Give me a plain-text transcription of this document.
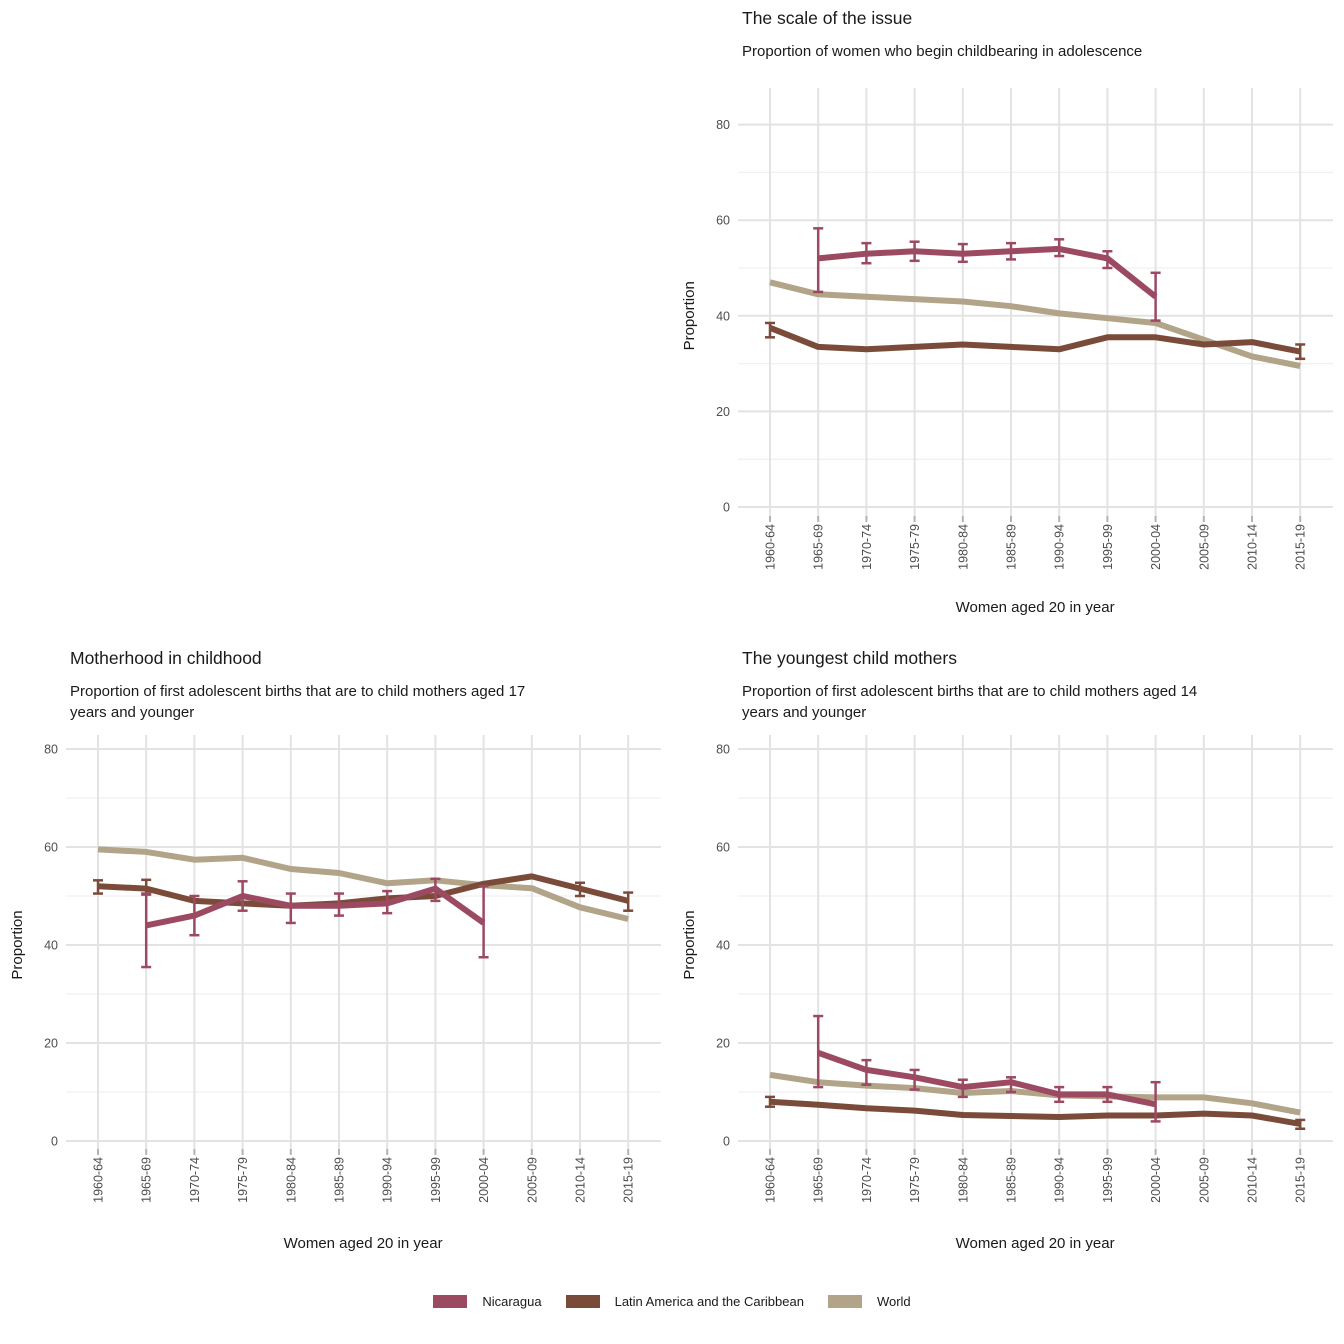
The scale of the issue

Proportion of women who begin childbearing in adolescence

1960-64	1965-69	1970-74	1975-79	1980-84	1985-89	1990-94	1995-99	2000-04	2005-09	2010-14	2015-19
0
20
40
60
80
Women aged 20 in year
Proportion
Motherhood in childhood

Proportion of first adolescent births that are to child mothers aged 17 years and younger

1960-64	1965-69	1970-74	1975-79	1980-84	1985-89	1990-94	1995-99	2000-04	2005-09	2010-14	2015-19
0
20
40
60
80
Women aged 20 in year
Proportion
The youngest child mothers

Proportion of first adolescent births that are to child mothers aged 14 years and younger

1960-64	1965-69	1970-74	1975-79	1980-84	1985-89	1990-94	1995-99	2000-04	2005-09	2010-14	2015-19
0
20
40
60
80
Women aged 20 in year
Proportion
Nicaragua	Latin America and the Caribbean	World
